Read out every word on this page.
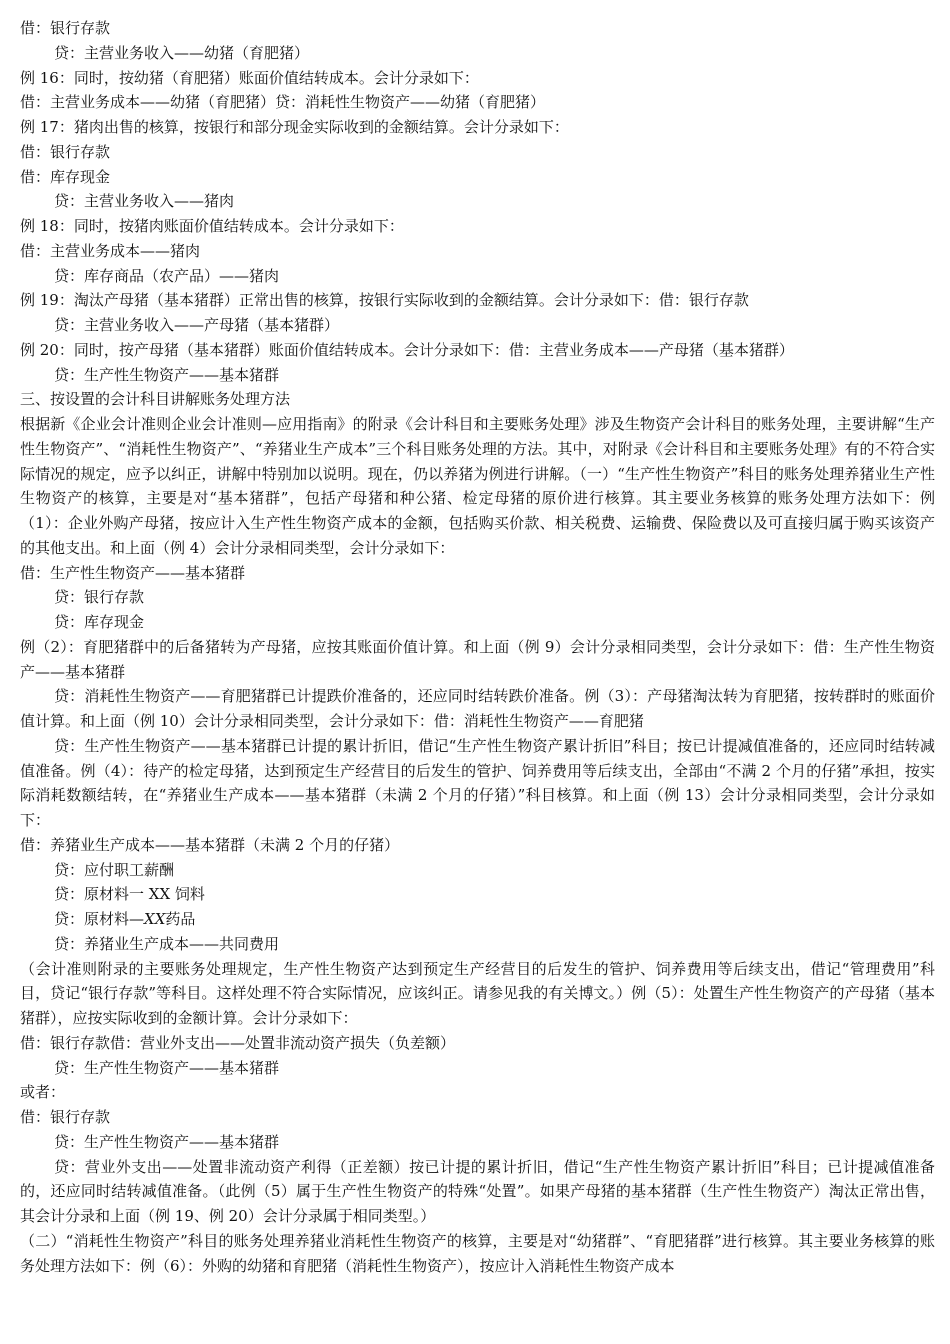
借：银行存款
贷：主营业务收入——幼猪（育肥猪）
例 16：同时，按幼猪（育肥猪）账面价值结转成本。会计分录如下：
借：主营业务成本——幼猪（育肥猪）贷：消耗性生物资产——幼猪（育肥猪）
例 17：猪肉出售的核算，按银行和部分现金实际收到的金额结算。会计分录如下：
借：银行存款
借：库存现金
贷：主营业务收入——猪肉
例 18：同时，按猪肉账面价值结转成本。会计分录如下：
借：主营业务成本——猪肉
贷：库存商品（农产品）——猪肉
例 19：淘汰产母猪（基本猪群）正常出售的核算，按银行实际收到的金额结算。会计分录如下：借：银行存款
贷：主营业务收入——产母猪（基本猪群）
例 20：同时，按产母猪（基本猪群）账面价值结转成本。会计分录如下：借：主营业务成本——产母猪（基本猪群）
贷：生产性生物资产——基本猪群
三、按设置的会计科目讲解账务处理方法
根据新《企业会计准则企业会计准则—应用指南》的附录《会计科目和主要账务处理》涉及生物资产会计科目的账务处理，主要讲解“生产性生物资产”、“消耗性生物资产”、“养猪业生产成本”三个科目账务处理的方法。其中，对附录《会计科目和主要账务处理》有的不符合实际情况的规定，应予以纠正，讲解中特别加以说明。现在，仍以养猪为例进行讲解。（一）“生产性生物资产”科目的账务处理养猪业生产性生物资产的核算，主要是对“基本猪群”，包括产母猪和种公猪、检定母猪的原价进行核算。其主要业务核算的账务处理方法如下：例（1）：企业外购产母猪，按应计入生产性生物资产成本的金额，包括购买价款、相关税费、运输费、保险费以及可直接归属于购买该资产的其他支出。和上面（例 4）会计分录相同类型，会计分录如下：
借：生产性生物资产——基本猪群
贷：银行存款
贷：库存现金
例（2）：育肥猪群中的后备猪转为产母猪，应按其账面价值计算。和上面（例 9）会计分录相同类型，会计分录如下：借：生产性生物资产——基本猪群
贷：消耗性生物资产——育肥猪群已计提跌价准备的，还应同时结转跌价准备。例（3）：产母猪淘汰转为育肥猪，按转群时的账面价值计算。和上面（例 10）会计分录相同类型，会计分录如下：借：消耗性生物资产——育肥猪
贷：生产性生物资产——基本猪群已计提的累计折旧，借记“生产性生物资产累计折旧”科目；按已计提减值准备的，还应同时结转减值准备。例（4）：待产的检定母猪，达到预定生产经营目的后发生的管护、饲养费用等后续支出，全部由“不满 2 个月的仔猪”承担，按实际消耗数额结转，在“养猪业生产成本——基本猪群（未满 2 个月的仔猪）”科目核算。和上面（例 13）会计分录相同类型，会计分录如下：
借：养猪业生产成本——基本猪群（未满 2 个月的仔猪）
贷：应付职工薪酬
贷：原材料一 XX 饲料
贷：原材料—XX药品
贷：养猪业生产成本——共同费用
（会计准则附录的主要账务处理规定，生产性生物资产达到预定生产经营目的后发生的管护、饲养费用等后续支出，借记“管理费用”科目，贷记“银行存款”等科目。这样处理不符合实际情况，应该纠正。请参见我的有关博文。）例（5）：处置生产性生物资产的产母猪（基本猪群），应按实际收到的金额计算。会计分录如下：
借：银行存款借：营业外支出——处置非流动资产损失（负差额）
贷：生产性生物资产——基本猪群
或者：
借：银行存款
贷：生产性生物资产——基本猪群
贷：营业外支出——处置非流动资产利得（正差额）按已计提的累计折旧，借记“生产性生物资产累计折旧”科目；已计提减值准备的，还应同时结转减值准备。（此例（5）属于生产性生物资产的特殊“处置”。如果产母猪的基本猪群（生产性生物资产）淘汰正常出售，其会计分录和上面（例 19、例 20）会计分录属于相同类型。）
（二）“消耗性生物资产”科目的账务处理养猪业消耗性生物资产的核算，主要是对“幼猪群”、“育肥猪群”进行核算。其主要业务核算的账务处理方法如下：例（6）：外购的幼猪和育肥猪（消耗性生物资产），按应计入消耗性生物资产成本
